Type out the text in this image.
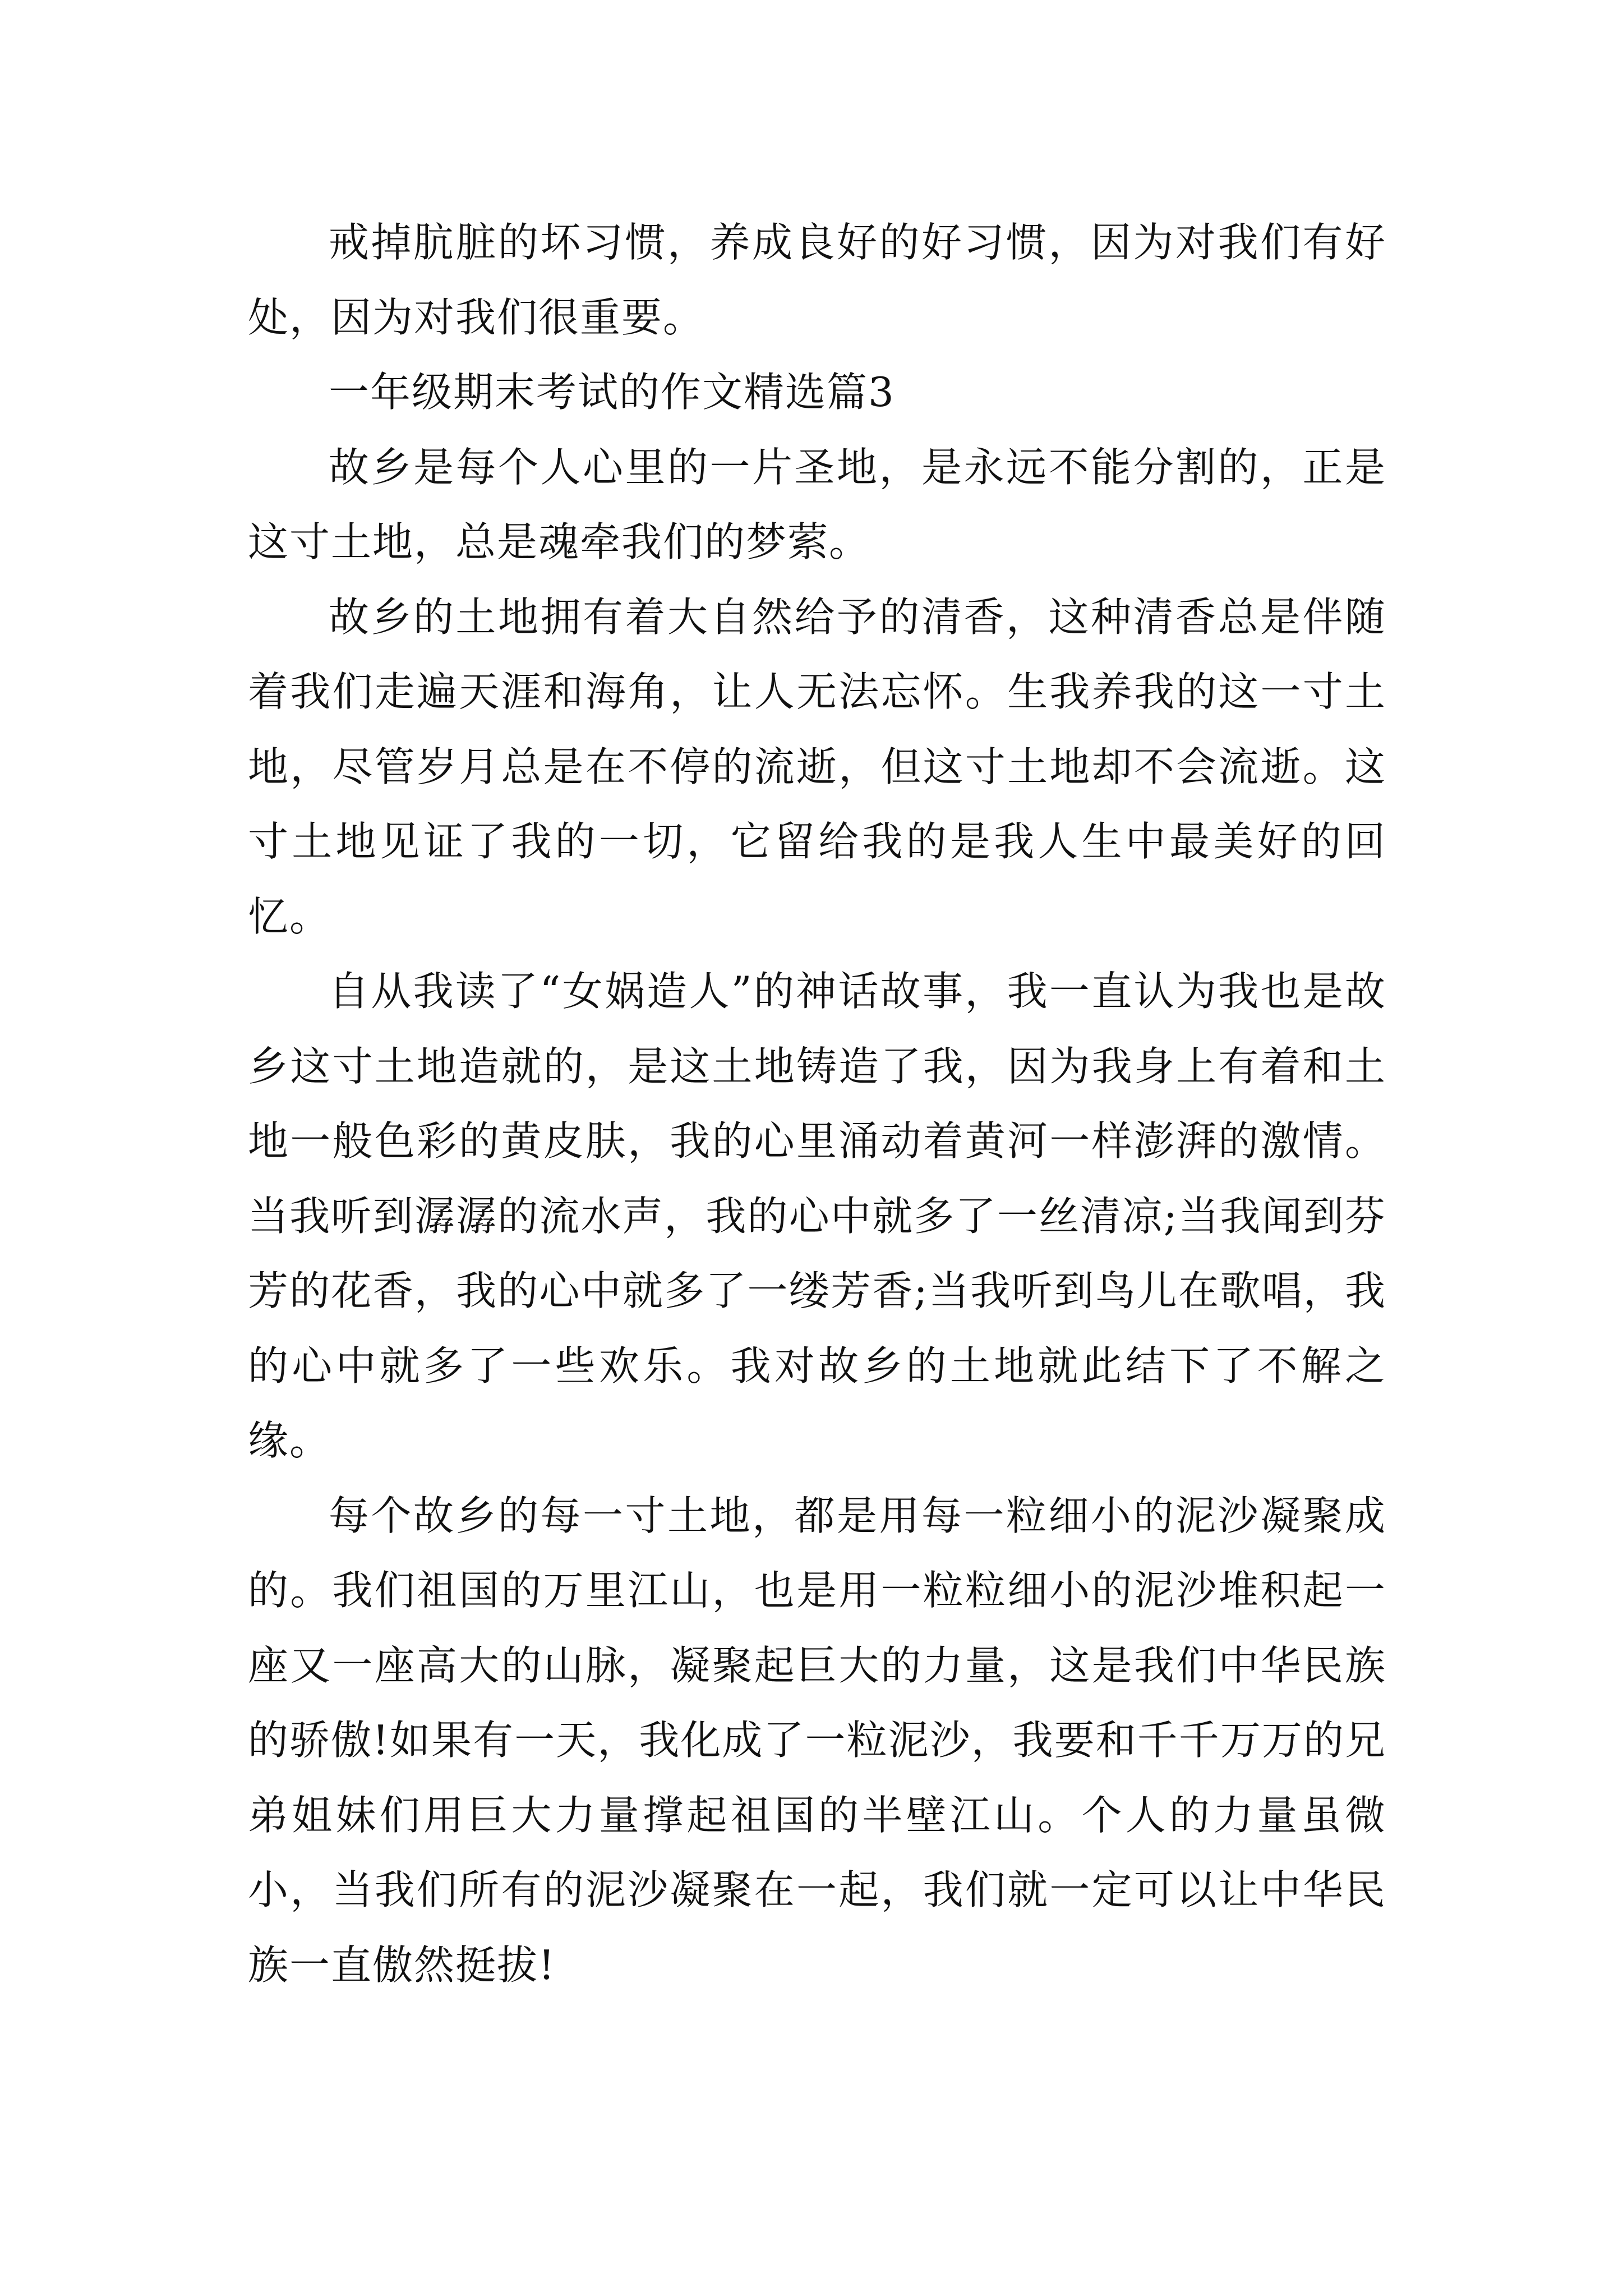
戒掉肮脏的坏习惯，养成良好的好习惯，因为对我们有好处，因为对我们很重要。

一年级期末考试的作文精选篇3

故乡是每个人心里的一片圣地，是永远不能分割的，正是这寸土地，总是魂牵我们的梦萦。

故乡的土地拥有着大自然给予的清香，这种清香总是伴随着我们走遍天涯和海角，让人无法忘怀。生我养我的这一寸土地，尽管岁月总是在不停的流逝，但这寸土地却不会流逝。这寸土地见证了我的一切，它留给我的是我人生中最美好的回忆。

自从我读了“女娲造人”的神话故事，我一直认为我也是故乡这寸土地造就的，是这土地铸造了我，因为我身上有着和土地一般色彩的黄皮肤，我的心里涌动着黄河一样澎湃的激情。当我听到潺潺的流水声，我的心中就多了一丝清凉;当我闻到芬芳的花香，我的心中就多了一缕芳香;当我听到鸟儿在歌唱，我的心中就多了一些欢乐。我对故乡的土地就此结下了不解之缘。

每个故乡的每一寸土地，都是用每一粒细小的泥沙凝聚成的。我们祖国的万里江山，也是用一粒粒细小的泥沙堆积起一座又一座高大的山脉，凝聚起巨大的力量，这是我们中华民族的骄傲!如果有一天，我化成了一粒泥沙，我要和千千万万的兄弟姐妹们用巨大力量撑起祖国的半壁江山。个人的力量虽微小，当我们所有的泥沙凝聚在一起，我们就一定可以让中华民族一直傲然挺拔!
